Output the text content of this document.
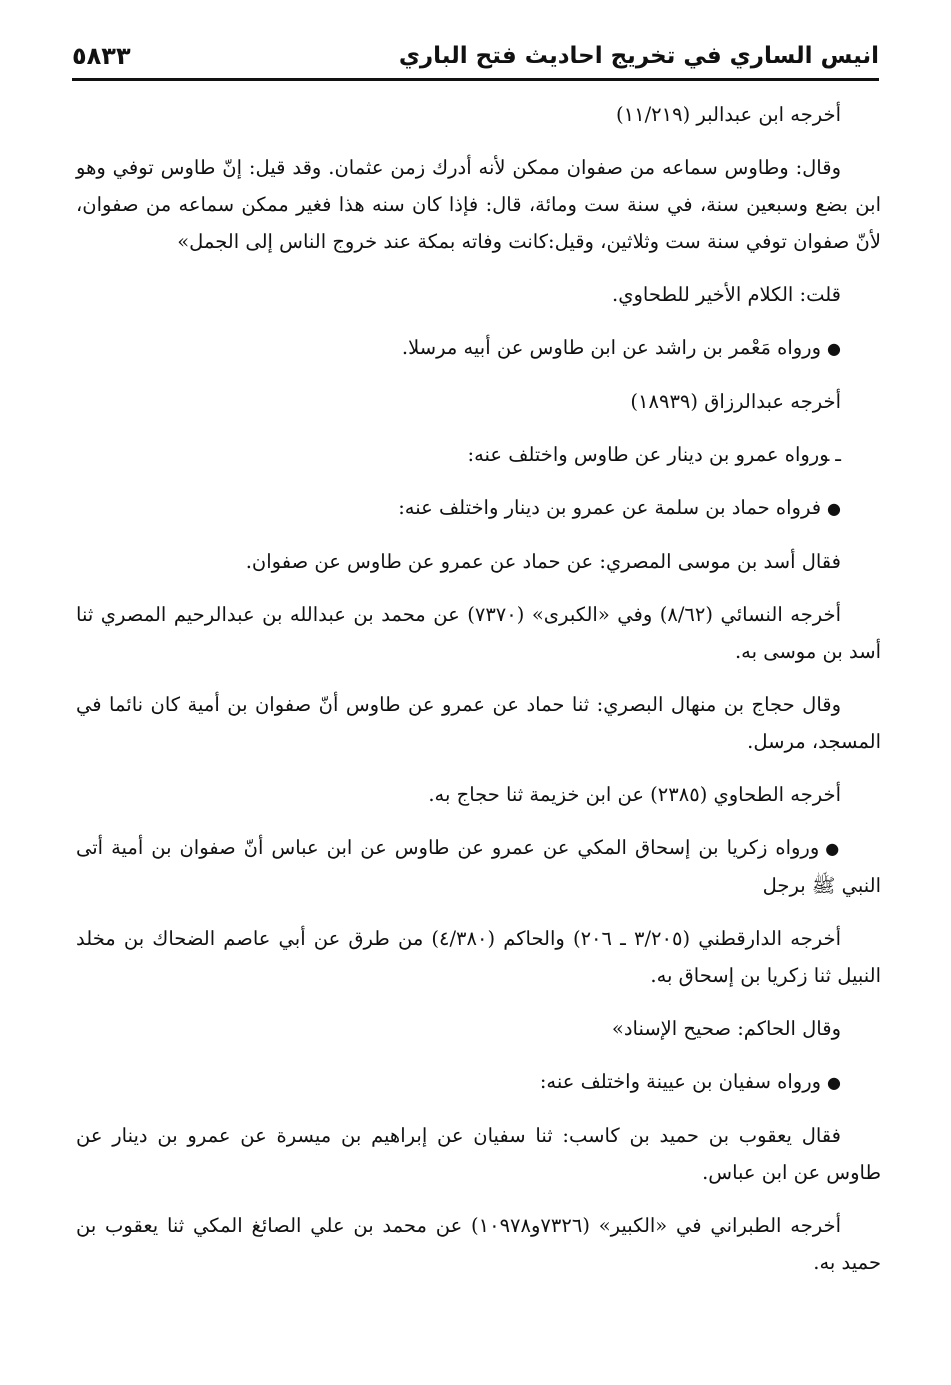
انيس الساري في تخريج احاديث فتح الباري
٥٨٣٣

أخرجه ابن عبدالبر (١١/٢١٩)

وقال: وطاوس سماعه من صفوان ممكن لأنه أدرك زمن عثمان. وقد قيل: إنّ طاوس توفي وهو ابن بضع وسبعين سنة، في سنة ست ومائة، قال: فإذا كان سنه هذا فغير ممكن سماعه من صفوان، لأنّ صفوان توفي سنة ست وثلاثين، وقيل:كانت وفاته بمكة عند خروج الناس إلى الجمل»

قلت: الكلام الأخير للطحاوي.

●ورواه مَعْمر بن راشد عن ابن طاوس عن أبيه مرسلا.

أخرجه عبدالرزاق (١٨٩٣٩)

ـورواه عمرو بن دينار عن طاوس واختلف عنه:

●فرواه حماد بن سلمة عن عمرو بن دينار واختلف عنه:

فقال أسد بن موسى المصري: عن حماد عن عمرو عن طاوس عن صفوان.

أخرجه النسائي (٨/٦٢) وفي «الكبرى» (٧٣٧٠) عن محمد بن عبدالله بن عبدالرحيم المصري ثنا أسد بن موسى به.

وقال حجاج بن منهال البصري: ثنا حماد عن عمرو عن طاوس أنّ صفوان بن أمية كان نائما في المسجد، مرسل.

أخرجه الطحاوي (٢٣٨٥) عن ابن خزيمة ثنا حجاج به.

●ورواه زكريا بن إسحاق المكي عن عمرو عن طاوس عن ابن عباس أنّ صفوان بن أمية أتى النبي ﷺ برجل

أخرجه الدارقطني (٣/٢٠٥ ـ ٢٠٦) والحاكم (٤/٣٨٠) من طرق عن أبي عاصم الضحاك بن مخلد النبيل ثنا زكريا بن إسحاق به.

وقال الحاكم: صحيح الإسناد»

●ورواه سفيان بن عيينة واختلف عنه:

فقال يعقوب بن حميد بن كاسب: ثنا سفيان عن إبراهيم بن ميسرة عن عمرو بن دينار عن طاوس عن ابن عباس.

أخرجه الطبراني في «الكبير» (٧٣٢٦و١٠٩٧٨) عن محمد بن علي الصائغ المكي ثنا يعقوب بن حميد به.
